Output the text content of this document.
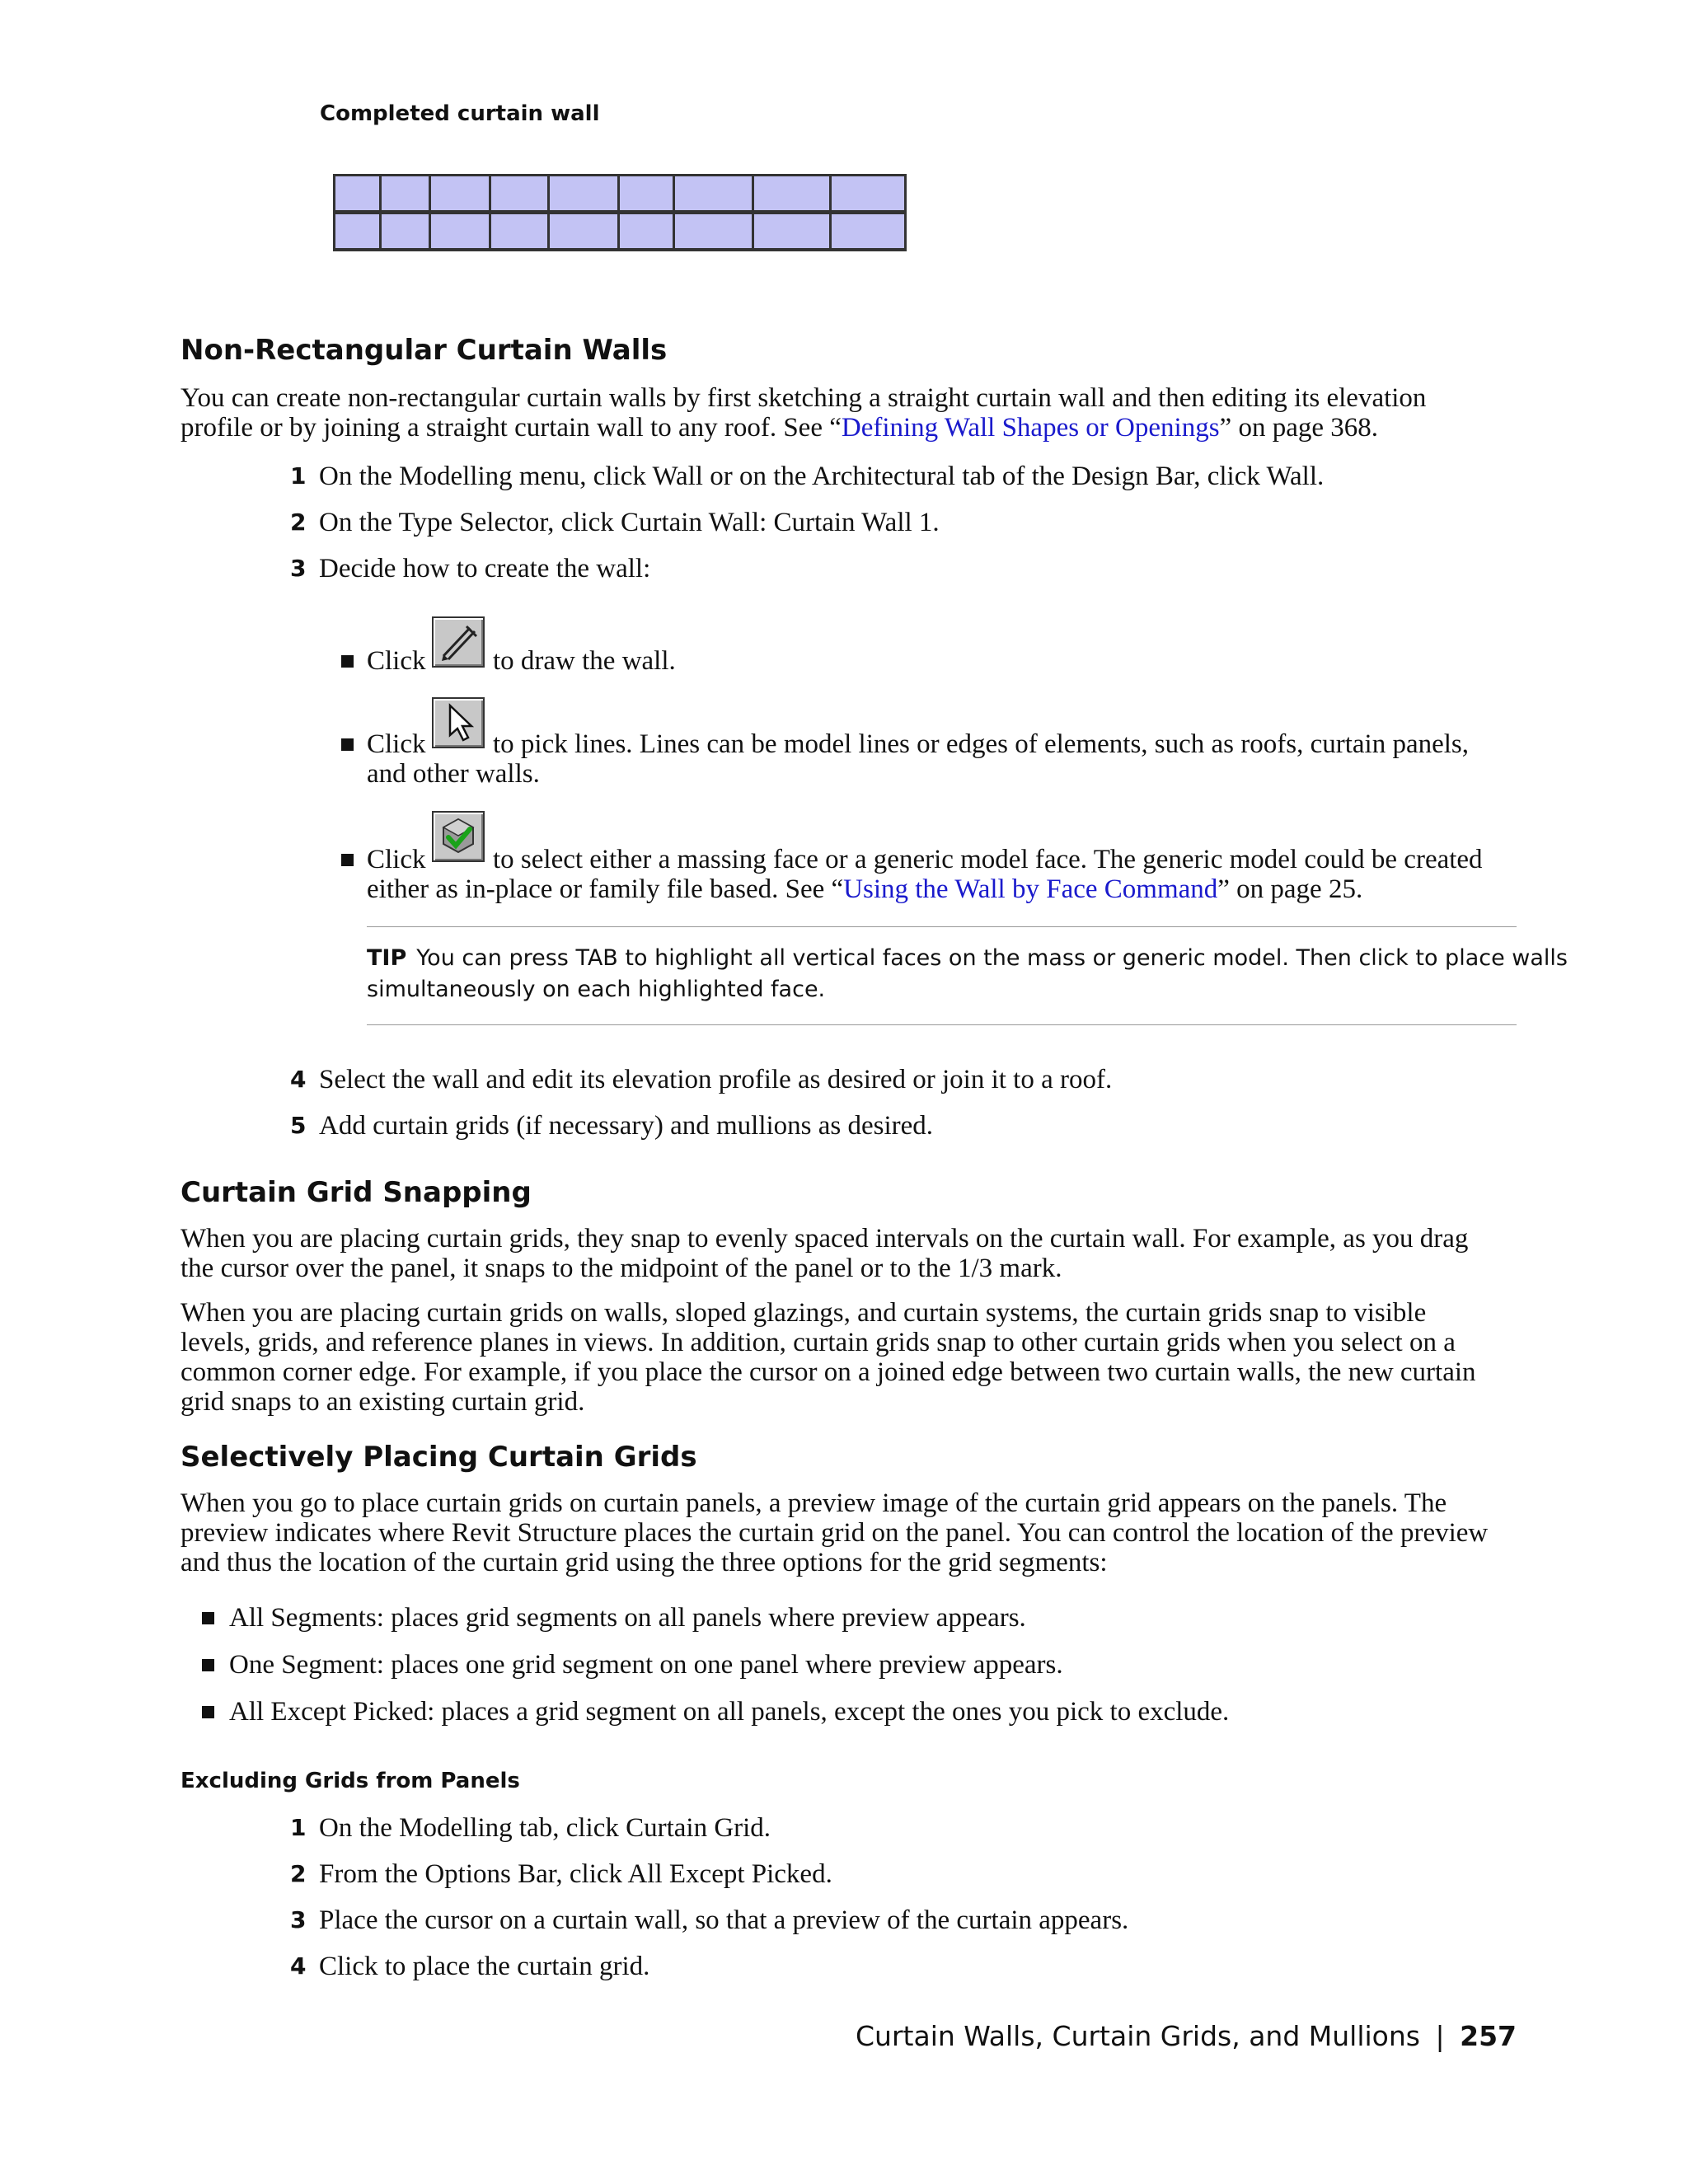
Completed curtain wall
Non-Rectangular Curtain Walls
You can create non-rectangular curtain walls by first sketching a straight curtain wall and then editing its elevation
profile or by joining a straight curtain wall to any roof. See “Defining Wall Shapes or Openings” on page 368.
1 On the Modelling menu, click Wall or on the Architectural tab of the Design Bar, click Wall.
2 On the Type Selector, click Curtain Wall: Curtain Wall 1.
3 Decide how to create the wall:
Click to draw the wall.
Click to pick lines. Lines can be model lines or edges of elements, such as roofs, curtain panels,
and other walls.
Click to select either a massing face or a generic model face. The generic model could be created
either as in-place or family file based. See “Using the Wall by Face Command” on page 25.
TIP You can press TAB to highlight all vertical faces on the mass or generic model. Then click to place walls
simultaneously on each highlighted face.
4 Select the wall and edit its elevation profile as desired or join it to a roof.
5 Add curtain grids (if necessary) and mullions as desired.
Curtain Grid Snapping
When you are placing curtain grids, they snap to evenly spaced intervals on the curtain wall. For example, as you drag
the cursor over the panel, it snaps to the midpoint of the panel or to the 1/3 mark.
When you are placing curtain grids on walls, sloped glazings, and curtain systems, the curtain grids snap to visible
levels, grids, and reference planes in views. In addition, curtain grids snap to other curtain grids when you select on a
common corner edge. For example, if you place the cursor on a joined edge between two curtain walls, the new curtain
grid snaps to an existing curtain grid.
Selectively Placing Curtain Grids
When you go to place curtain grids on curtain panels, a preview image of the curtain grid appears on the panels. The
preview indicates where Revit Structure places the curtain grid on the panel. You can control the location of the preview
and thus the location of the curtain grid using the three options for the grid segments:
All Segments: places grid segments on all panels where preview appears.
One Segment: places one grid segment on one panel where preview appears.
All Except Picked: places a grid segment on all panels, except the ones you pick to exclude.
Excluding Grids from Panels
1 On the Modelling tab, click Curtain Grid.
2 From the Options Bar, click All Except Picked.
3 Place the cursor on a curtain wall, so that a preview of the curtain appears.
4 Click to place the curtain grid.
Curtain Walls, Curtain Grids, and Mullions | 257
